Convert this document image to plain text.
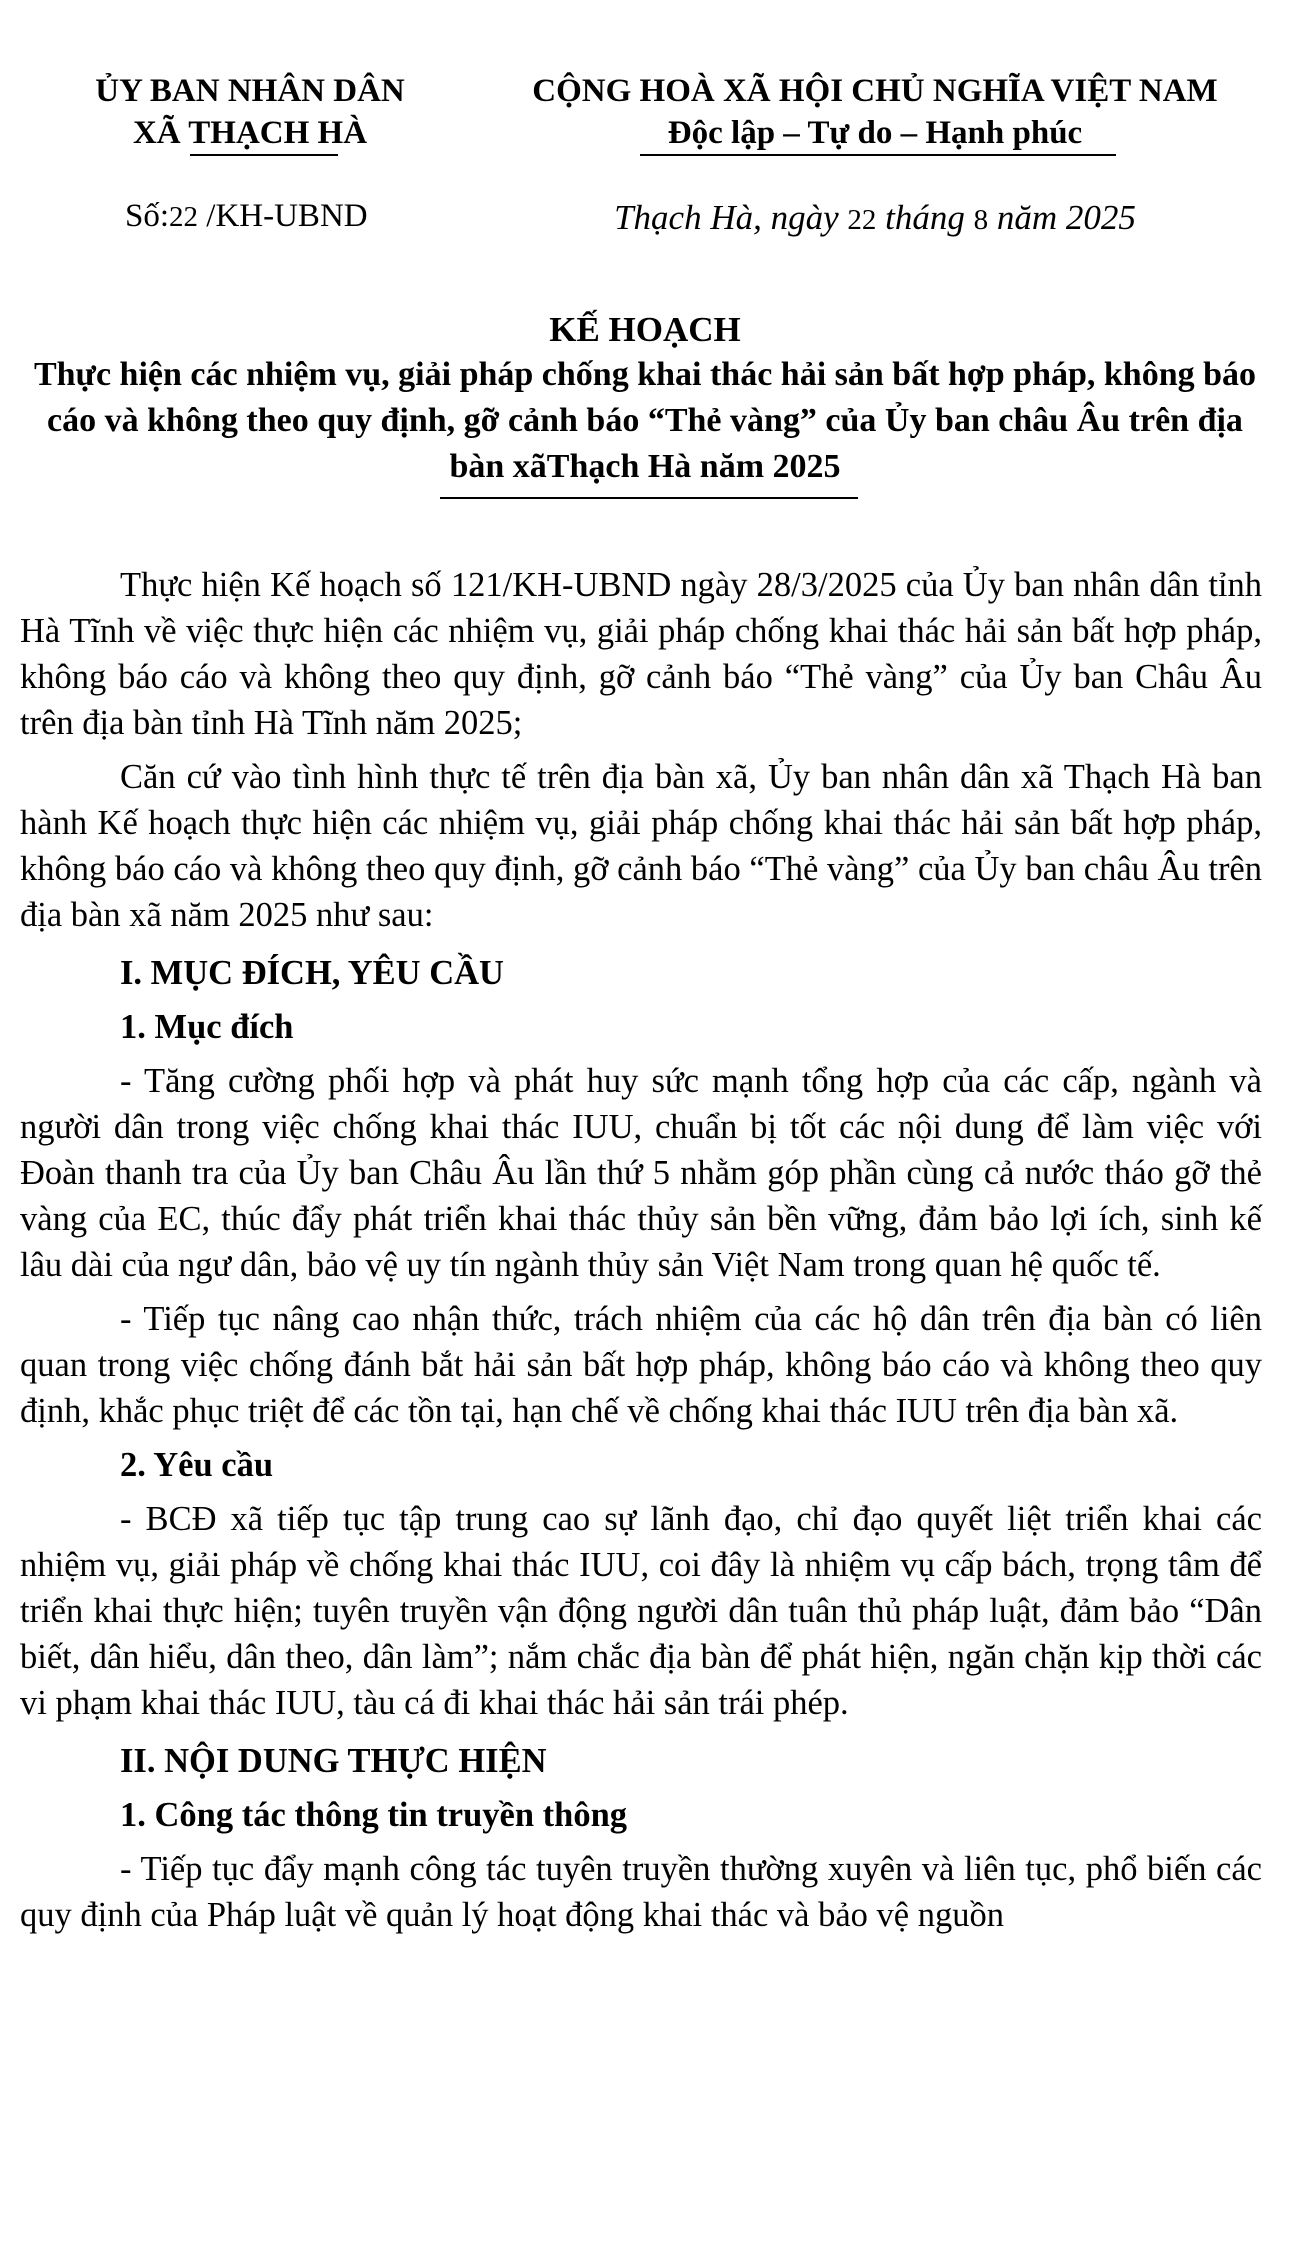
ỦY BAN NHÂN DÂN
XÃ THẠCH HÀ
CỘNG HOÀ XÃ HỘI CHỦ NGHĨA VIỆT NAM
Độc lập – Tự do – Hạnh phúc
Số:22 /KH-UBND	Thạch Hà, ngày 22 tháng 8 năm 2025
KẾ HOẠCH
Thực hiện các nhiệm vụ, giải pháp chống khai thác hải sản bất hợp pháp, không báo cáo và không theo quy định, gỡ cảnh báo “Thẻ vàng” của Ủy ban châu Âu trên địa bàn xãThạch Hà năm 2025

Thực hiện Kế hoạch số 121/KH-UBND ngày 28/3/2025 của Ủy ban nhân dân tỉnh Hà Tĩnh về việc thực hiện các nhiệm vụ, giải pháp chống khai thác hải sản bất hợp pháp, không báo cáo và không theo quy định, gỡ cảnh báo “Thẻ vàng” của Ủy ban Châu Âu trên địa bàn tỉnh Hà Tĩnh năm 2025;

Căn cứ vào tình hình thực tế trên địa bàn xã, Ủy ban nhân dân xã Thạch Hà ban hành Kế hoạch thực hiện các nhiệm vụ, giải pháp chống khai thác hải sản bất hợp pháp, không báo cáo và không theo quy định, gỡ cảnh báo “Thẻ vàng” của Ủy ban châu Âu trên địa bàn xã năm 2025 như sau:

I. MỤC ĐÍCH, YÊU CẦU
1. Mục đích

- Tăng cường phối hợp và phát huy sức mạnh tổng hợp của các cấp, ngành và người dân trong việc chống khai thác IUU, chuẩn bị tốt các nội dung để làm việc với Đoàn thanh tra của Ủy ban Châu Âu lần thứ 5 nhằm góp phần cùng cả nước tháo gỡ thẻ vàng của EC, thúc đẩy phát triển khai thác thủy sản bền vững, đảm bảo lợi ích, sinh kế lâu dài của ngư dân, bảo vệ uy tín ngành thủy sản Việt Nam trong quan hệ quốc tế.

- Tiếp tục nâng cao nhận thức, trách nhiệm của các hộ dân trên địa bàn có liên quan trong việc chống đánh bắt hải sản bất hợp pháp, không báo cáo và không theo quy định, khắc phục triệt để các tồn tại, hạn chế về chống khai thác IUU trên địa bàn xã.

2. Yêu cầu

- BCĐ xã tiếp tục tập trung cao sự lãnh đạo, chỉ đạo quyết liệt triển khai các nhiệm vụ, giải pháp về chống khai thác IUU, coi đây là nhiệm vụ cấp bách, trọng tâm để triển khai thực hiện; tuyên truyền vận động người dân tuân thủ pháp luật, đảm bảo “Dân biết, dân hiểu, dân theo, dân làm”; nắm chắc địa bàn để phát hiện, ngăn chặn kịp thời các vi phạm khai thác IUU, tàu cá đi khai thác hải sản trái phép.

II. NỘI DUNG THỰC HIỆN
1. Công tác thông tin truyền thông

- Tiếp tục đẩy mạnh công tác tuyên truyền thường xuyên và liên tục, phổ biến các quy định của Pháp luật về quản lý hoạt động khai thác và bảo vệ nguồn
